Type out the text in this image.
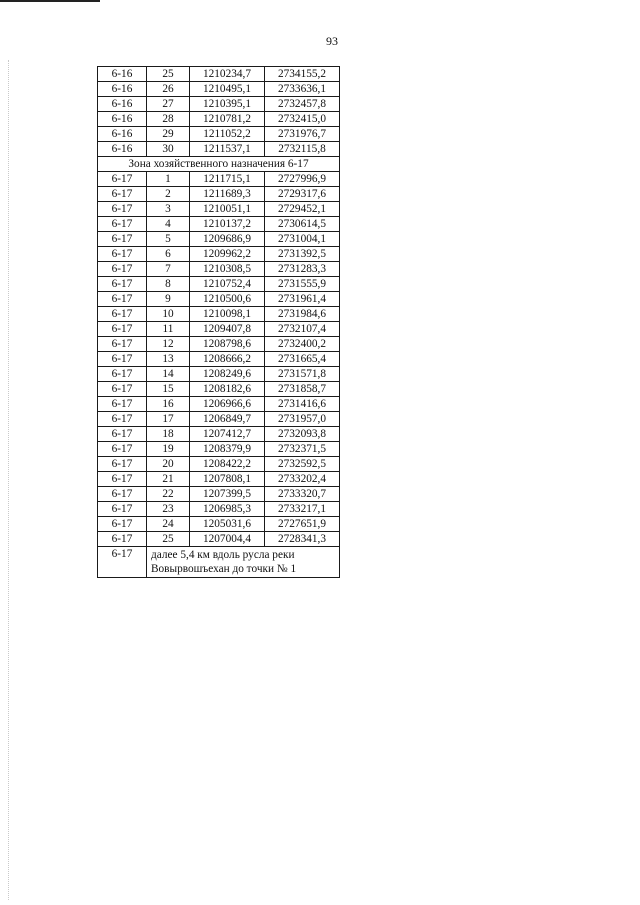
93
6-16	25	1210234,7	2734155,2
6-16	26	1210495,1	2733636,1
6-16	27	1210395,1	2732457,8
6-16	28	1210781,2	2732415,0
6-16	29	1211052,2	2731976,7
6-16	30	1211537,1	2732115,8
Зона хозяйственного назначения 6-17			
6-17	1	1211715,1	2727996,9
6-17	2	1211689,3	2729317,6
6-17	3	1210051,1	2729452,1
6-17	4	1210137,2	2730614,5
6-17	5	1209686,9	2731004,1
6-17	6	1209962,2	2731392,5
6-17	7	1210308,5	2731283,3
6-17	8	1210752,4	2731555,9
6-17	9	1210500,6	2731961,4
6-17	10	1210098,1	2731984,6
6-17	11	1209407,8	2732107,4
6-17	12	1208798,6	2732400,2
6-17	13	1208666,2	2731665,4
6-17	14	1208249,6	2731571,8
6-17	15	1208182,6	2731858,7
6-17	16	1206966,6	2731416,6
6-17	17	1206849,7	2731957,0
6-17	18	1207412,7	2732093,8
6-17	19	1208379,9	2732371,5
6-17	20	1208422,2	2732592,5
6-17	21	1207808,1	2733202,4
6-17	22	1207399,5	2733320,7
6-17	23	1206985,3	2733217,1
6-17	24	1205031,6	2727651,9
6-17	25	1207004,4	2728341,3
6-17	далее 5,4 км вдоль русла реки
Вовырвошъехан до точки № 1		
